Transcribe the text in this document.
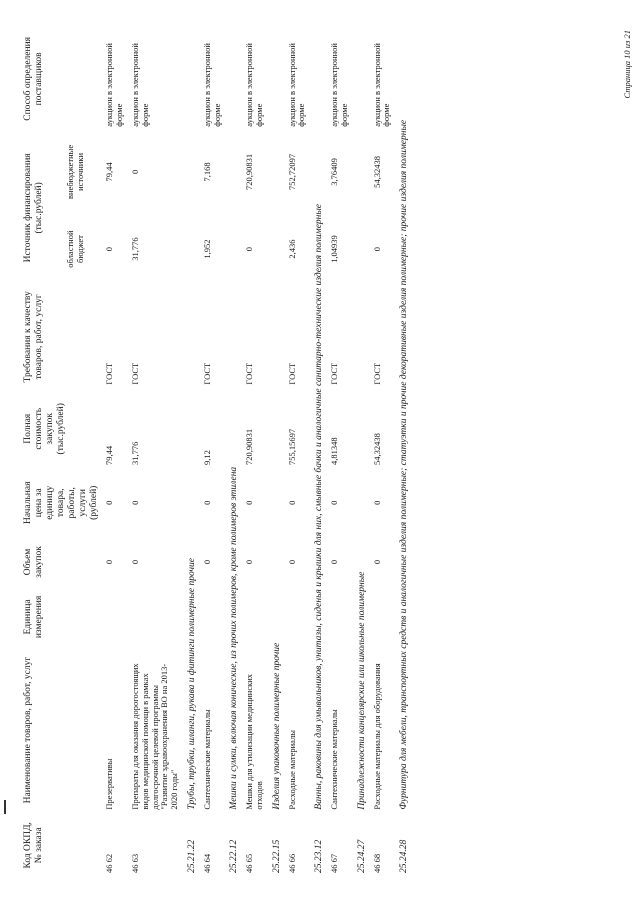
Код ОКПД, № заказа	Наименование товаров, работ, услуг	Единица измерения	Объем закупок	Начальная цена за единицу товара, работы, услуги (рублей)	Полная стоимость закупок (тыс.рублей)	Требования к качеству товаров, работ, услуг	Источник финансирования (тыс.рублей)		Способ определения поставщиков
							областной бюджет	внебюджетные источники	
46 62	Презервативы		0	0	79,44	ГОСТ	0	79,44	аукцион в электронной форме
46 63	Препараты для оказания дорогостоящих видов медицинской помощи в рамках долгосрочной целевой программы "Развитие здравоохранения ВО на 2013-2020 годы"		0	0	31,776	ГОСТ	31,776	0	аукцион в электронной форме
25.21.22	Трубы, трубки, шланги, рукава и фитинги полимерные прочие								
46 64	Сантехнические материалы		0	0	9,12	ГОСТ	1,952	7,168	аукцион в электронной форме
25.22.12	Мешки и сумки, включая конические, из прочих полимеров, кроме полимеров этилена								
46 65	Мешки для утилизации медицинских отходов		0	0	720,90831	ГОСТ	0	720,90831	аукцион в электронной форме
25.22.15	Изделия упаковочные полимерные прочие								
46 66	Расходные материалы		0	0	755,15697	ГОСТ	2,436	752,72097	аукцион в электронной форме
25.23.12	Ванны, раковины для умывальников, унитазы, сиденья и крышки для них, смывные бачки и аналогичные санитарно-технические изделия полимерные								
46 67	Сантехнические материалы		0	0	4,81348	ГОСТ	1,04939	3,76409	аукцион в электронной форме
25.24.27	Принадлежности канцелярские или школьные полимерные								
46 68	Расходные материалы для оборудования		0	0	54,32438	ГОСТ	0	54,32438	аукцион в электронной форме
25.24.28	Фурнитура для мебели, транспортных средств и аналогичные изделия полимерные; статуэтки и прочие декоративные изделия полимерные; прочие изделия полимерные								
Страница 10 из 21
